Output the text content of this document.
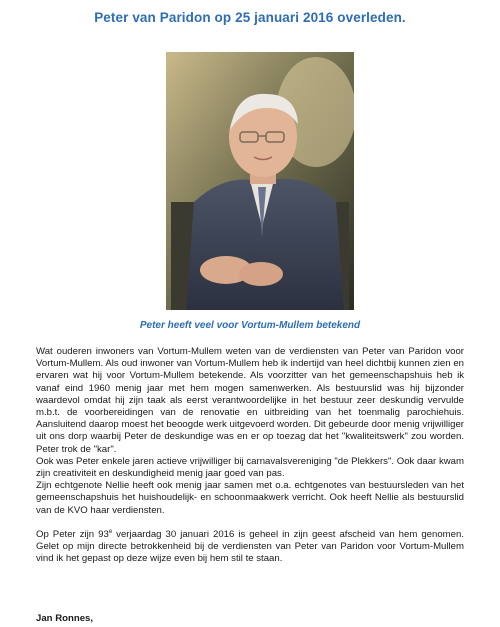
Peter van Paridon op 25 januari 2016 overleden.
Peter heeft veel voor Vortum-Mullem betekend

Wat ouderen inwoners van Vortum-Mullem weten van de verdiensten van Peter van Paridon voor Vortum-Mullem. Als oud inwoner van Vortum-Mullem heb ik indertijd van heel dichtbij kunnen zien en ervaren wat hij voor Vortum-Mullem betekende. Als voorzitter van het gemeenschapshuis heb ik vanaf eind 1960 menig jaar met hem mogen samenwerken. Als bestuurslid was hij bijzonder waardevol omdat hij zijn taak als eerst verantwoordelijke in het bestuur zeer deskundig vervulde m.b.t. de voorbereidingen van de renovatie en uitbreiding van het toenmalig parochiehuis. Aansluitend daarop moest het beoogde werk uitgevoerd worden. Dit gebeurde door menig vrijwilliger uit ons dorp waarbij Peter de deskundige was en er op toezag dat het "kwaliteitswerk" zou worden. Peter trok de "kar".

Ook was Peter enkele jaren actieve vrijwilliger bij carnavalsvereniging "de Plekkers". Ook daar kwam zijn creativiteit en deskundigheid menig jaar goed van pas.

Zijn echtgenote Nellie heeft ook menig jaar samen met o.a. echtgenotes van bestuursleden van het gemeenschapshuis het huishoudelijk- en schoonmaakwerk verricht. Ook heeft Nellie als bestuurslid van de KVO haar verdiensten.

Op Peter zijn 93e verjaardag 30 januari 2016 is geheel in zijn geest afscheid van hem genomen. Gelet op mijn directe betrokkenheid bij de verdiensten van Peter van Paridon voor Vortum-Mullem vind ik het gepast op deze wijze even bij hem stil te staan.

Jan Ronnes,
